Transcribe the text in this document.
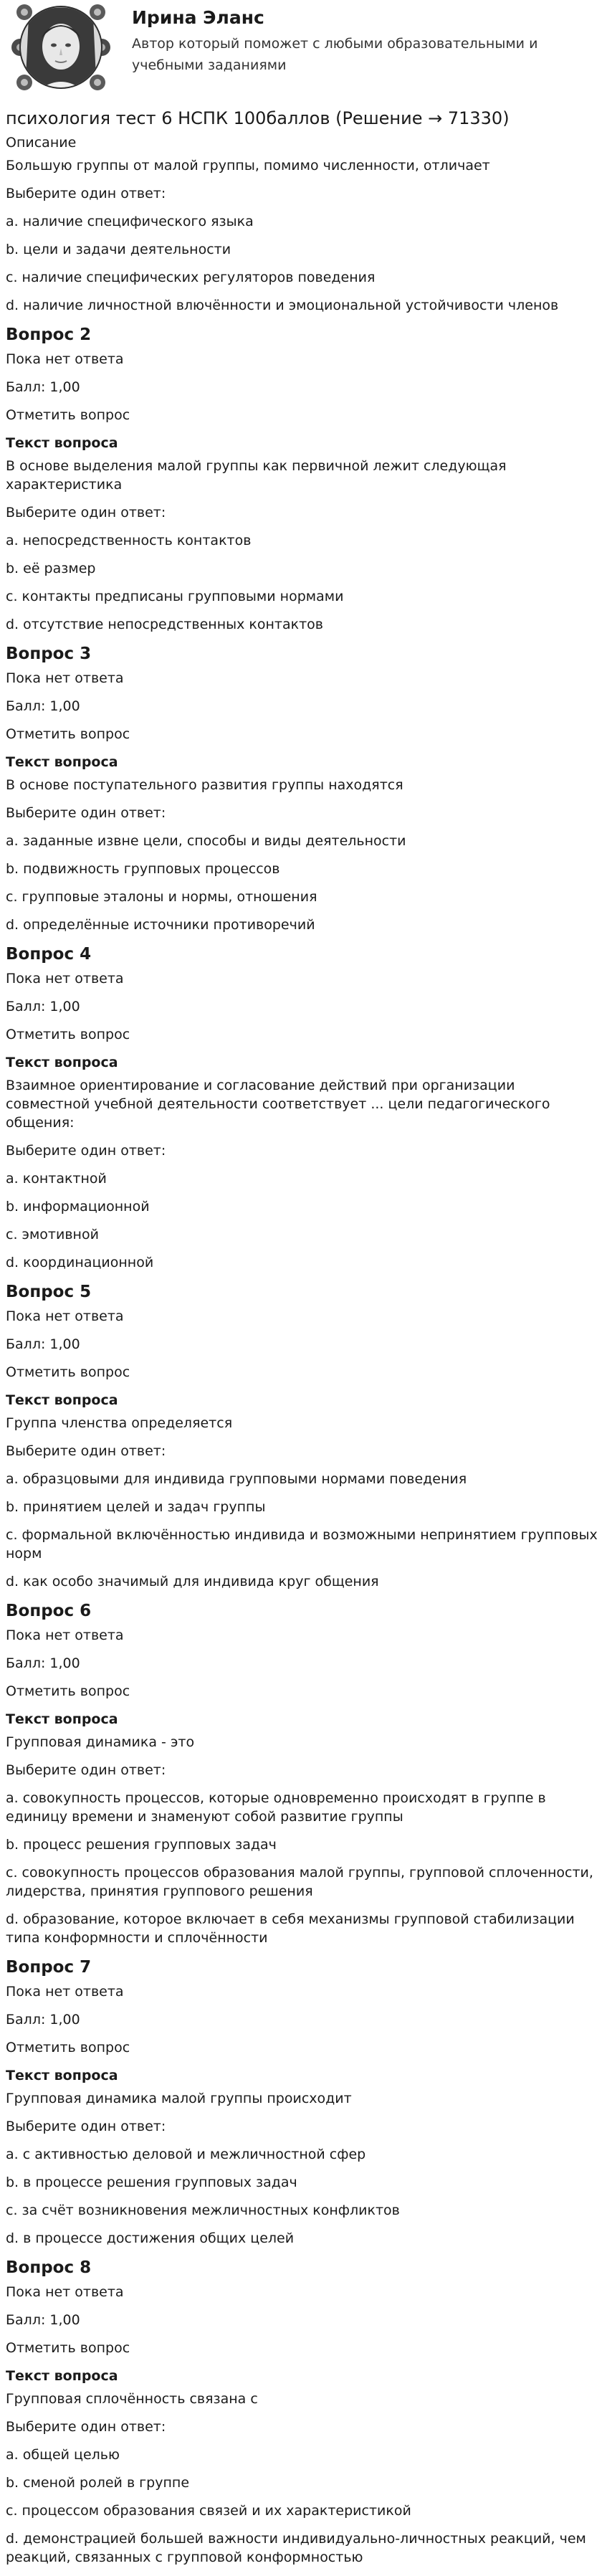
Ирина Эланс
Автор который поможет с любыми образовательными и учебными заданиями
психология тест 6 НСПК 100баллов (Решение → 71330)
Описание
Большую группы от малой группы, помимо численности, отличает
Выберите один ответ:
a. наличие специфического языка
b. цели и задачи деятельности
c. наличие специфических регуляторов поведения
d. наличие личностной влючённости и эмоциональной устойчивости членов
Вопрос 2
Пока нет ответа
Балл: 1,00
Отметить вопрос
Текст вопроса
В основе выделения малой группы как первичной лежит следующая характеристика
Выберите один ответ:
a. непосредственность контактов
b. её размер
c. контакты предписаны групповыми нормами
d. отсутствие непосредственных контактов
Вопрос 3
Пока нет ответа
Балл: 1,00
Отметить вопрос
Текст вопроса
В основе поступательного развития группы находятся
Выберите один ответ:
a. заданные извне цели, способы и виды деятельности
b. подвижность групповых процессов
c. групповые эталоны и нормы, отношения
d. определённые источники противоречий
Вопрос 4
Пока нет ответа
Балл: 1,00
Отметить вопрос
Текст вопроса
Взаимное ориентирование и согласование действий при организации совместной учебной деятельности соответствует ... цели педагогического общения:
Выберите один ответ:
a. контактной
b. информационной
c. эмотивной
d. координационной
Вопрос 5
Пока нет ответа
Балл: 1,00
Отметить вопрос
Текст вопроса
Группа членства определяется
Выберите один ответ:
a. образцовыми для индивида групповыми нормами поведения
b. принятием целей и задач группы
c. формальной включённостью индивида и возможными непринятием групповых норм
d. как особо значимый для индивида круг общения
Вопрос 6
Пока нет ответа
Балл: 1,00
Отметить вопрос
Текст вопроса
Групповая динамика - это
Выберите один ответ:
a. совокупность процессов, которые одновременно происходят в группе в единицу времени и знаменуют собой развитие группы
b. процесс решения групповых задач
c. совокупность процессов образования малой группы, групповой сплоченности, лидерства, принятия группового решения
d. образование, которое включает в себя механизмы групповой стабилизации типа конформности и сплочённости
Вопрос 7
Пока нет ответа
Балл: 1,00
Отметить вопрос
Текст вопроса
Групповая динамика малой группы происходит
Выберите один ответ:
a. с активностью деловой и межличностной сфер
b. в процессе решения групповых задач
c. за счёт возникновения межличностных конфликтов
d. в процессе достижения общих целей
Вопрос 8
Пока нет ответа
Балл: 1,00
Отметить вопрос
Текст вопроса
Групповая сплочённость связана с
Выберите один ответ:
a. общей целью
b. сменой ролей в группе
c. процессом образования связей и их характеристикой
d. демонстрацией большей важности индивидуально-личностных реакций, чем реакций, связанных с групповой конформностью
